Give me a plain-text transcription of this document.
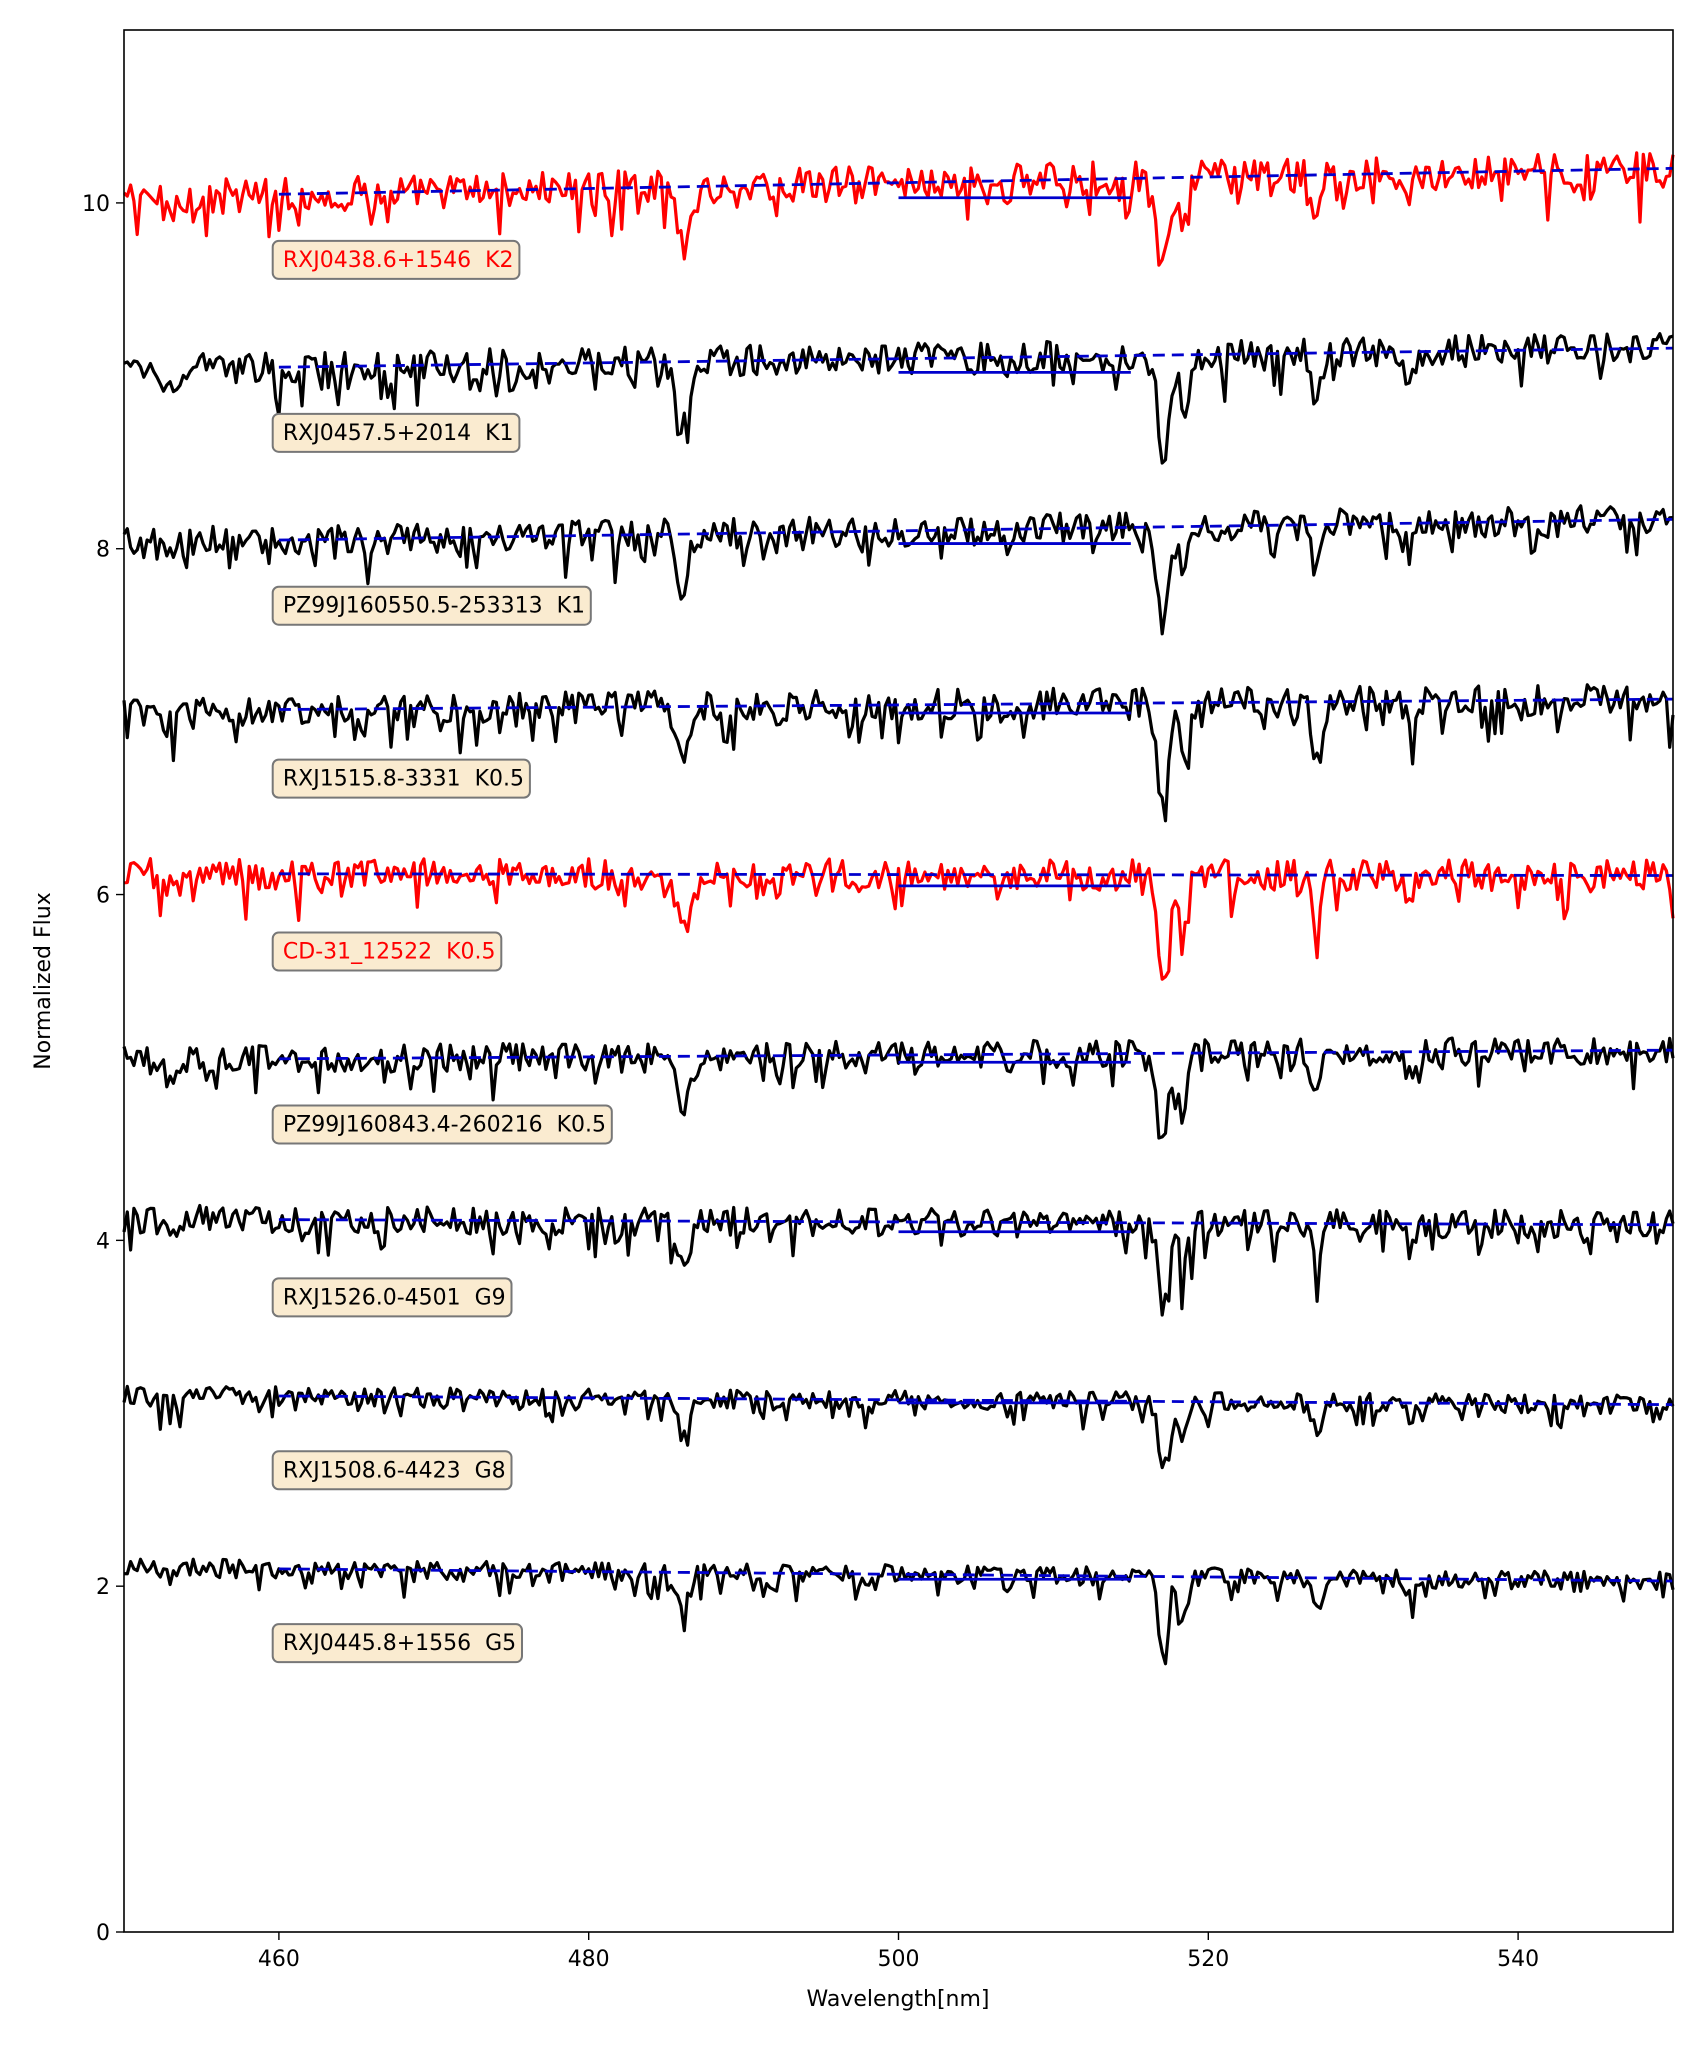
RXJ0438.6+1546  K2
RXJ0457.5+2014  K1
PZ99J160550.5-253313  K1
RXJ1515.8-3331  K0.5
CD-31_12522  K0.5
PZ99J160843.4-260216  K0.5
RXJ1526.0-4501  G9
RXJ1508.6-4423  G8
RXJ0445.8+1556  G5
460	480	500	520	540
0
2
4
6
8
10
Wavelength[nm]
Normalized Flux
